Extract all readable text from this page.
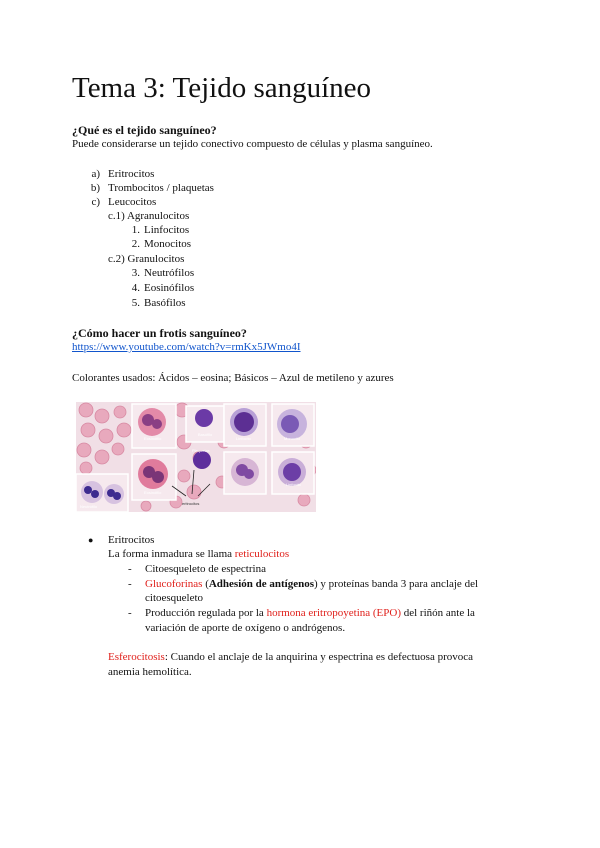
Tema 3: Tejido sanguíneo
¿Qué es el tejido sanguíneo?
Puede considerarse un tejido conectivo compuesto de células y plasma sanguíneo.
a) Eritrocitos
b) Trombocitos / plaquetas
c) Leucocitos
c.1) Agranulocitos
1. Linfocitos
2. Monocitos
c.2) Granulocitos
3. Neutrófilos
4. Eosinófilos
5. Basófilos
¿Cómo hacer un frotis sanguíneo?
https://www.youtube.com/watch?v=rmKx5JWmo4I
Colorantes usados: Ácidos – eosina; Básicos – Azul de metileno y azures
Eosinófilo
Basófilo
Plaquetas
Linfocito	Monocito
Eosinófilo
Linfocito
Neutrófilo
eritrocitos
● Eritrocitos
La forma inmadura se llama reticulocitos
- Citoesqueleto de espectrina
- Glucoforinas (Adhesión de antígenos) y proteínas banda 3 para anclaje del
citoesqueleto
- Producción regulada por la hormona eritropoyetina (EPO) del riñón ante la
variación de aporte de oxígeno o andrógenos.
Esferocitosis: Cuando el anclaje de la anquirina y espectrina es defectuosa provoca
anemia hemolítica.
